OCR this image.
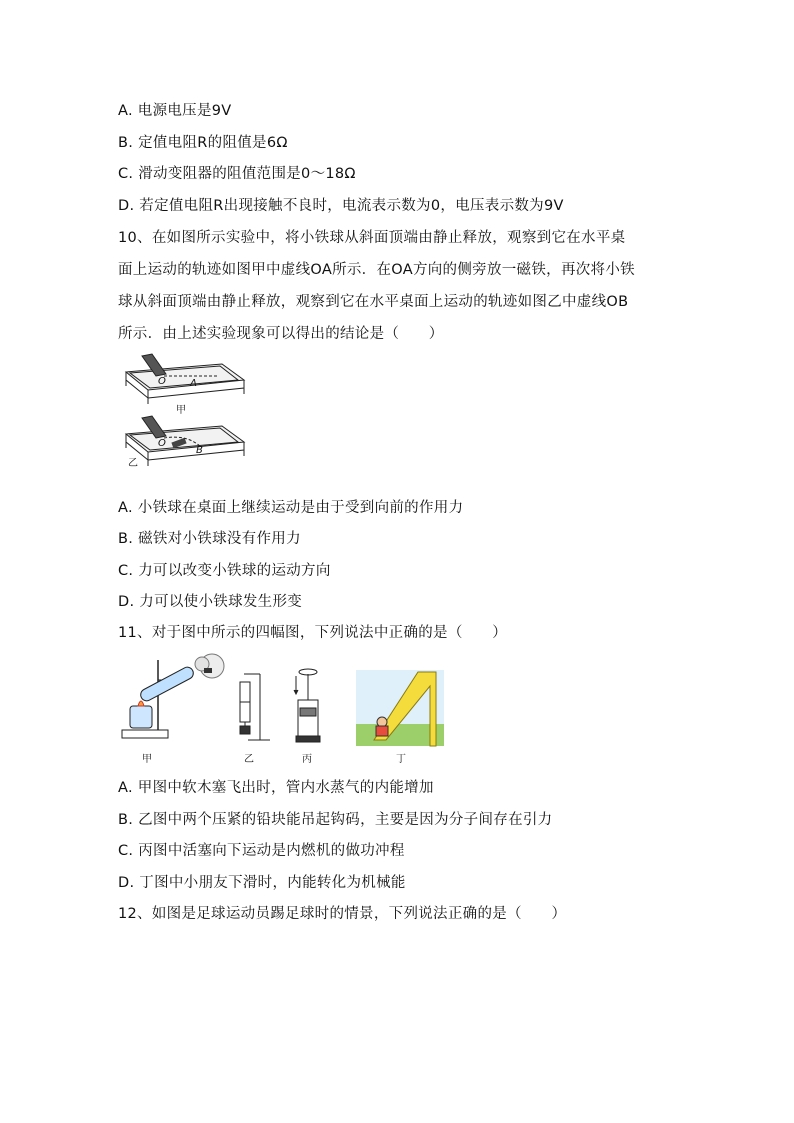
A. 电源电压是9V
B. 定值电阻R的阻值是6Ω
C. 滑动变阻器的阻值范围是0～18Ω
D. 若定值电阻R出现接触不良时，电流表示数为0，电压表示数为9V
10、在如图所示实验中，将小铁球从斜面顶端由静止释放，观察到它在水平桌
面上运动的轨迹如图甲中虚线OA所示．在OA方向的侧旁放一磁铁，再次将小铁
球从斜面顶端由静止释放，观察到它在水平桌面上运动的轨迹如图乙中虚线OB
所示．由上述实验现象可以得出的结论是（　　）
O A
甲
O
B
乙
A. 小铁球在桌面上继续运动是由于受到向前的作用力
B. 磁铁对小铁球没有作用力
C. 力可以改变小铁球的运动方向
D. 力可以使小铁球发生形变
11、对于图中所示的四幅图，下列说法中正确的是（　　）
甲	乙	丙	丁
A. 甲图中软木塞飞出时，管内水蒸气的内能增加
B. 乙图中两个压紧的铅块能吊起钩码，主要是因为分子间存在引力
C. 丙图中活塞向下运动是内燃机的做功冲程
D. 丁图中小朋友下滑时，内能转化为机械能
12、如图是足球运动员踢足球时的情景，下列说法正确的是（　　）
